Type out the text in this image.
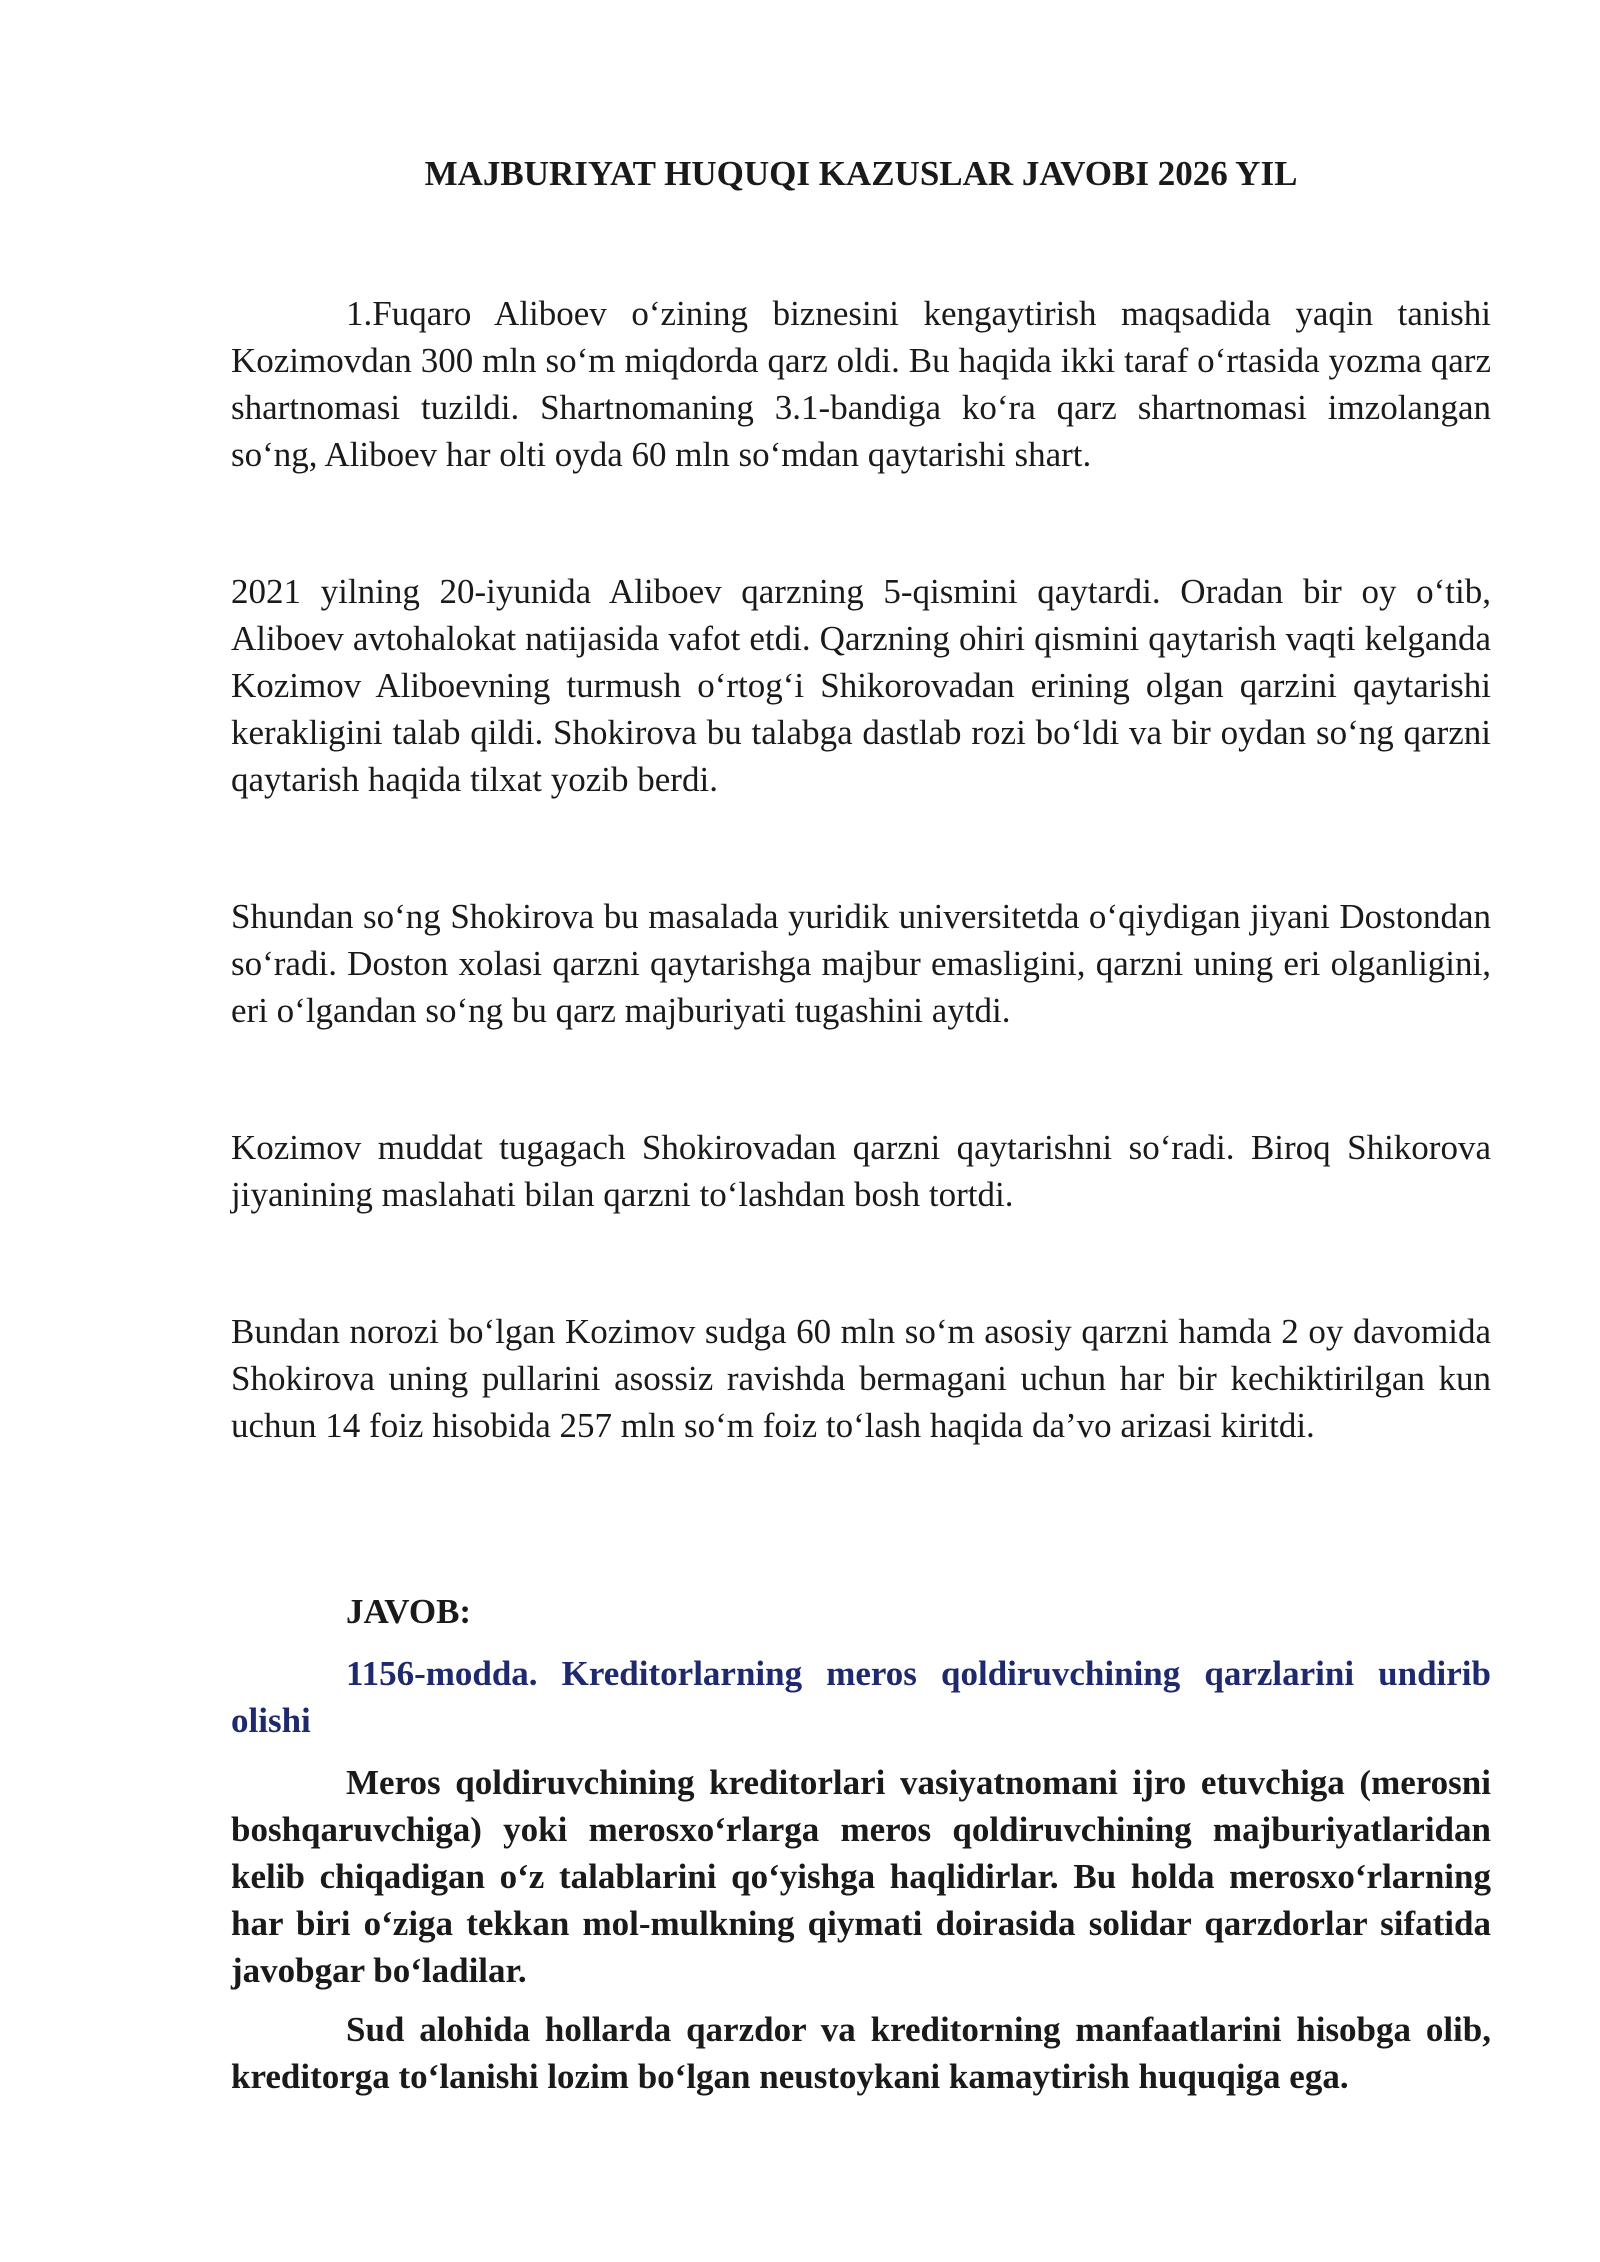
MAJBURIYAT HUQUQI KAZUSLAR JAVOBI 2026 YIL

1.Fuqaro Aliboev o‘zining biznesini kengaytirish maqsadida yaqin tanishi Kozimovdan 300 mln so‘m miqdorda qarz oldi. Bu haqida ikki taraf o‘rtasida yozma qarz shartnomasi tuzildi. Shartnomaning 3.1-bandiga ko‘ra qarz shartnomasi imzolangan so‘ng, Aliboev har olti oyda 60 mln so‘mdan qaytarishi shart.

2021 yilning 20-iyunida Aliboev qarzning 5-qismini qaytardi. Oradan bir oy o‘tib, Aliboev avtohalokat natijasida vafot etdi. Qarzning ohiri qismini qaytarish vaqti kelganda Kozimov Aliboevning turmush o‘rtog‘i Shikorovadan erining olgan qarzini qaytarishi kerakligini talab qildi. Shokirova bu talabga dastlab rozi bo‘ldi va bir oydan so‘ng qarzni qaytarish haqida tilxat yozib berdi.

Shundan so‘ng Shokirova bu masalada yuridik universitetda o‘qiydigan jiyani Dostondan so‘radi. Doston xolasi qarzni qaytarishga majbur emasligini, qarzni uning eri olganligini, eri o‘lgandan so‘ng bu qarz majburiyati tugashini aytdi.

Kozimov muddat tugagach Shokirovadan qarzni qaytarishni so‘radi. Biroq Shikorova jiyanining maslahati bilan qarzni to‘lashdan bosh tortdi.

Bundan norozi bo‘lgan Kozimov sudga 60 mln so‘m asosiy qarzni hamda 2 oy davomida Shokirova uning pullarini asossiz ravishda bermagani uchun har bir kechiktirilgan kun uchun 14 foiz hisobida 257 mln so‘m foiz to‘lash haqida da’vo arizasi kiritdi.

JAVOB:

1156-modda. Kreditorlarning meros qoldiruvchining qarzlarini undirib olishi

Meros qoldiruvchining kreditorlari vasiyatnomani ijro etuvchiga (merosni boshqaruvchiga) yoki merosxo‘rlarga meros qoldiruvchining majburiyatlaridan kelib chiqadigan o‘z talablarini qo‘yishga haqlidirlar. Bu holda merosxo‘rlarning har biri o‘ziga tekkan mol-mulkning qiymati doirasida solidar qarzdorlar sifatida javobgar bo‘ladilar.

Sud alohida hollarda qarzdor va kreditorning manfaatlarini hisobga olib, kreditorga to‘lanishi lozim bo‘lgan neustoykani kamaytirish huquqiga ega.
